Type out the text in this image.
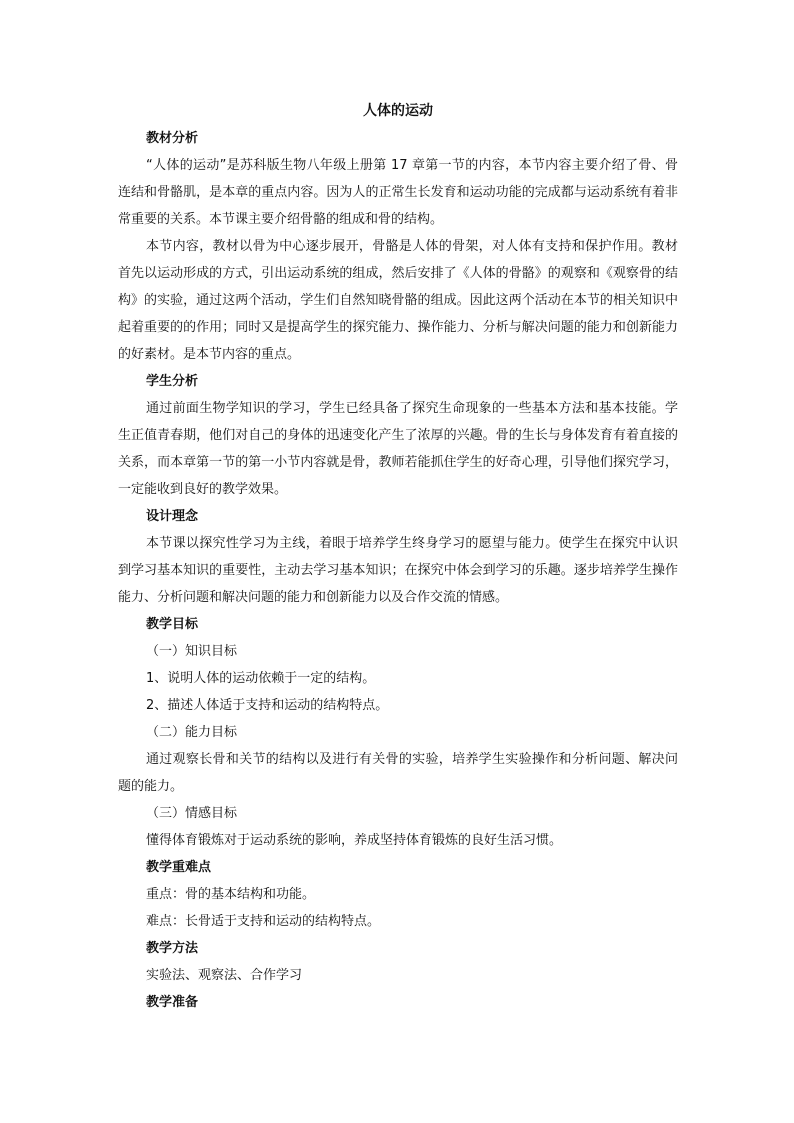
人体的运动
教材分析

“人体的运动”是苏科版生物八年级上册第 17 章第一节的内容，本节内容主要介绍了骨、骨连结和骨骼肌，是本章的重点内容。因为人的正常生长发育和运动功能的完成都与运动系统有着非常重要的关系。本节课主要介绍骨骼的组成和骨的结构。

本节内容，教材以骨为中心逐步展开，骨骼是人体的骨架，对人体有支持和保护作用。教材首先以运动形成的方式，引出运动系统的组成，然后安排了《人体的骨骼》的观察和《观察骨的结构》的实验，通过这两个活动，学生们自然知晓骨骼的组成。因此这两个活动在本节的相关知识中起着重要的的作用；同时又是提高学生的探究能力、操作能力、分析与解决问题的能力和创新能力的好素材。是本节内容的重点。

学生分析

通过前面生物学知识的学习，学生已经具备了探究生命现象的一些基本方法和基本技能。学生正值青春期，他们对自己的身体的迅速变化产生了浓厚的兴趣。骨的生长与身体发育有着直接的关系，而本章第一节的第一小节内容就是骨，教师若能抓住学生的好奇心理，引导他们探究学习，一定能收到良好的教学效果。

设计理念

本节课以探究性学习为主线，着眼于培养学生终身学习的愿望与能力。使学生在探究中认识到学习基本知识的重要性，主动去学习基本知识；在探究中体会到学习的乐趣。逐步培养学生操作能力、分析问题和解决问题的能力和创新能力以及合作交流的情感。

教学目标
（一）知识目标
1、说明人体的运动依赖于一定的结构。
2、描述人体适于支持和运动的结构特点。
（二）能力目标

通过观察长骨和关节的结构以及进行有关骨的实验，培养学生实验操作和分析问题、解决问题的能力。

（三）情感目标
懂得体育锻炼对于运动系统的影响，养成坚持体育锻炼的良好生活习惯。
教学重难点
重点：骨的基本结构和功能。
难点：长骨适于支持和运动的结构特点。
教学方法
实验法、观察法、合作学习
教学准备
